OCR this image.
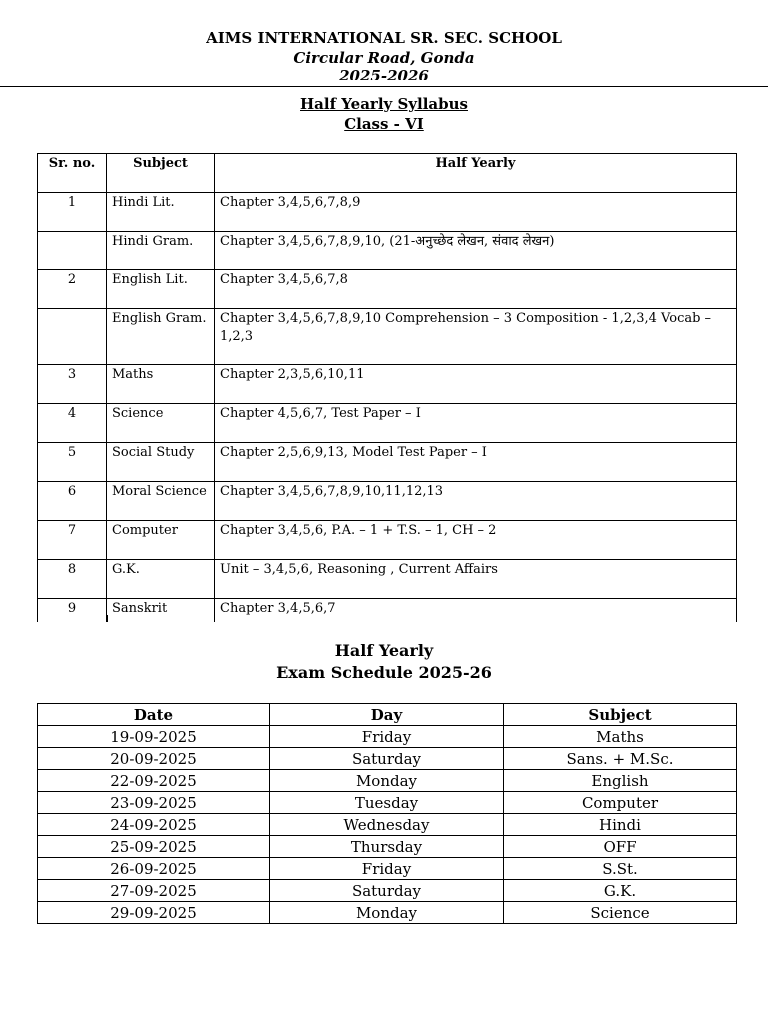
AIMS INTERNATIONAL SR. SEC. SCHOOL
Circular Road, Gonda
2025-2026
Half Yearly Syllabus
Class - VI
Sr. no.	Subject	Half Yearly
1	Hindi Lit.	Chapter 3,4,5,6,7,8,9
	Hindi Gram.	Chapter 3,4,5,6,7,8,9,10, (21-अनुच्छेद लेखन, संवाद लेखन)
2	English Lit.	Chapter 3,4,5,6,7,8
	English Gram.	Chapter 3,4,5,6,7,8,9,10 Comprehension – 3 Composition - 1,2,3,4 Vocab – 1,2,3
3	Maths	Chapter 2,3,5,6,10,11
4	Science	Chapter 4,5,6,7, Test Paper – I
5	Social Study	Chapter 2,5,6,9,13, Model Test Paper – I
6	Moral Science	Chapter 3,4,5,6,7,8,9,10,11,12,13
7	Computer	Chapter 3,4,5,6, P.A. – 1 + T.S. – 1, CH – 2
8	G.K.	Unit – 3,4,5,6, Reasoning , Current Affairs
9	Sanskrit	Chapter 3,4,5,6,7
Half Yearly
Exam Schedule 2025-26
Date	Day	Subject
19-09-2025	Friday	Maths
20-09-2025	Saturday	Sans. + M.Sc.
22-09-2025	Monday	English
23-09-2025	Tuesday	Computer
24-09-2025	Wednesday	Hindi
25-09-2025	Thursday	OFF
26-09-2025	Friday	S.St.
27-09-2025	Saturday	G.K.
29-09-2025	Monday	Science
